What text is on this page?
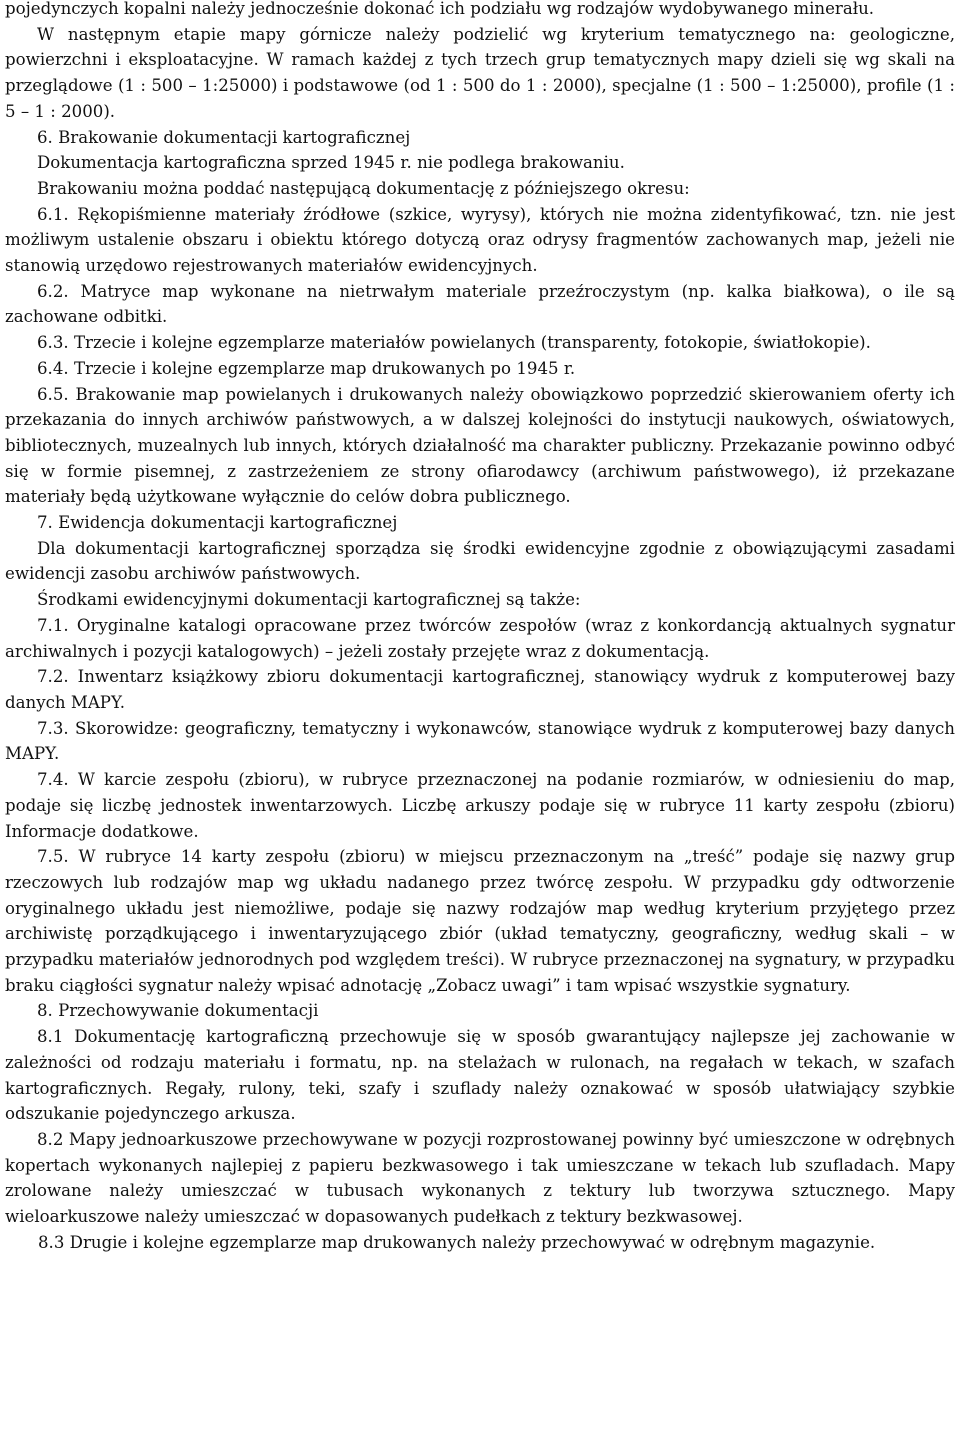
pojedynczych kopalni należy jednocześnie dokonać ich podziału wg rodzajów wydobywanego minerału.

W następnym etapie mapy górnicze należy podzielić wg kryterium tematycznego na: geologiczne, powierzchni i eksploatacyjne. W ramach każdej z tych trzech grup tematycznych mapy dzieli się wg skali na przeglądowe (1 : 500 – 1:25000) i podstawowe (od 1 : 500 do 1 : 2000), specjalne (1 : 500 – 1:25000), profile (1 : 5 – 1 : 2000).

6. Brakowanie dokumentacji kartograficznej

Dokumentacja kartograficzna sprzed 1945 r. nie podlega brakowaniu.

Brakowaniu można poddać następującą dokumentację z późniejszego okresu:

6.1. Rękopiśmienne materiały źródłowe (szkice, wyrysy), których nie można zidentyfikować, tzn. nie jest możliwym ustalenie obszaru i obiektu którego dotyczą oraz odrysy fragmentów zachowanych map, jeżeli nie stanowią urzędowo rejestrowanych materiałów ewidencyjnych.

6.2. Matryce map wykonane na nietrwałym materiale przeźroczystym (np. kalka białkowa), o ile są zachowane odbitki.

6.3. Trzecie i kolejne egzemplarze materiałów powielanych (transparenty, fotokopie, światłokopie).

6.4. Trzecie i kolejne egzemplarze map drukowanych po 1945 r.

6.5. Brakowanie map powielanych i drukowanych należy obowiązkowo poprzedzić skierowaniem oferty ich przekazania do innych archiwów państwowych, a w dalszej kolejności do instytucji naukowych, oświatowych, bibliotecznych, muzealnych lub innych, których działalność ma charakter publiczny. Przekazanie powinno odbyć się w formie pisemnej, z zastrzeżeniem ze strony ofiarodawcy (archiwum państwowego), iż przekazane materiały będą użytkowane wyłącznie do celów dobra publicznego.

7. Ewidencja dokumentacji kartograficznej

Dla dokumentacji kartograficznej sporządza się środki ewidencyjne zgodnie z obowiązującymi zasadami ewidencji zasobu archiwów państwowych.

Środkami ewidencyjnymi dokumentacji kartograficznej są także:

7.1. Oryginalne katalogi opracowane przez twórców zespołów (wraz z konkordancją aktualnych sygnatur archiwalnych i pozycji katalogowych) – jeżeli zostały przejęte wraz z dokumentacją.

7.2. Inwentarz książkowy zbioru dokumentacji kartograficznej, stanowiący wydruk z komputerowej bazy danych MAPY.

7.3. Skorowidze: geograficzny, tematyczny i wykonawców, stanowiące wydruk z komputerowej bazy danych MAPY.

7.4. W karcie zespołu (zbioru), w rubryce przeznaczonej na podanie rozmiarów, w odniesieniu do map, podaje się liczbę jednostek inwentarzowych. Liczbę arkuszy podaje się w rubryce 11 karty zespołu (zbioru) Informacje dodatkowe.

7.5. W rubryce 14 karty zespołu (zbioru) w miejscu przeznaczonym na „treść” podaje się nazwy grup rzeczowych lub rodzajów map wg układu nadanego przez twórcę zespołu. W przypadku gdy odtworzenie oryginalnego układu jest niemożliwe, podaje się nazwy rodzajów map według kryterium przyjętego przez archiwistę porządkującego i inwentaryzującego zbiór (układ tematyczny, geograficzny, według skali – w przypadku materiałów jednorodnych pod względem treści). W rubryce przeznaczonej na sygnatury, w przypadku braku ciągłości sygnatur należy wpisać adnotację „Zobacz uwagi” i tam wpisać wszystkie sygnatury.

8. Przechowywanie dokumentacji

8.1 Dokumentację kartograficzną przechowuje się w sposób gwarantujący najlepsze jej zachowanie w zależności od rodzaju materiału i formatu, np. na stelażach w rulonach, na regałach w tekach, w szafach kartograficznych. Regały, rulony, teki, szafy i szuflady należy oznakować w sposób ułatwiający szybkie odszukanie pojedynczego arkusza.

8.2 Mapy jednoarkuszowe przechowywane w pozycji rozprostowanej powinny być umieszczone w odrębnych kopertach wykonanych najlepiej z papieru bezkwasowego i tak umieszczane w tekach lub szufladach. Mapy zrolowane należy umieszczać w tubusach wykonanych z tektury lub tworzywa sztucznego. Mapy wieloarkuszowe należy umieszczać w dopasowanych pudełkach z tektury bezkwasowej.

8.3 Drugie i kolejne egzemplarze map drukowanych należy przechowywać w odrębnym magazynie.
